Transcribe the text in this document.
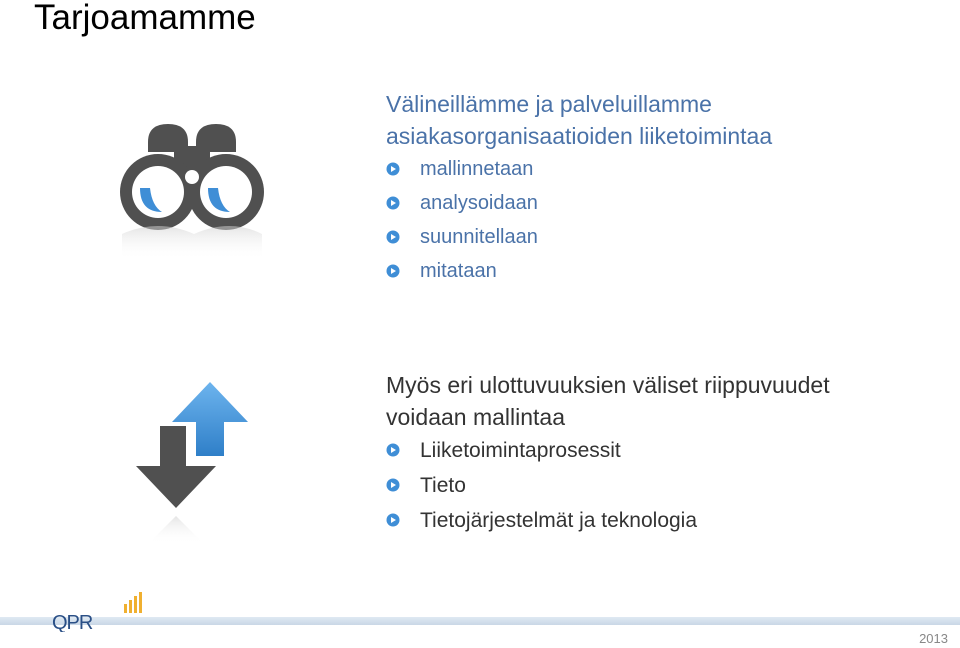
Tarjoamamme

Välineillämme ja palveluillamme asiakasorganisaatioiden liiketoimintaa

mallinnetaan
analysoidaan
suunnitellaan
mitataan

Myös eri ulottuvuuksien väliset riippuvuudet voidaan mallintaa

Liiketoimintaprosessit
Tieto
Tietojärjestelmät ja teknologia
QPR
2013
